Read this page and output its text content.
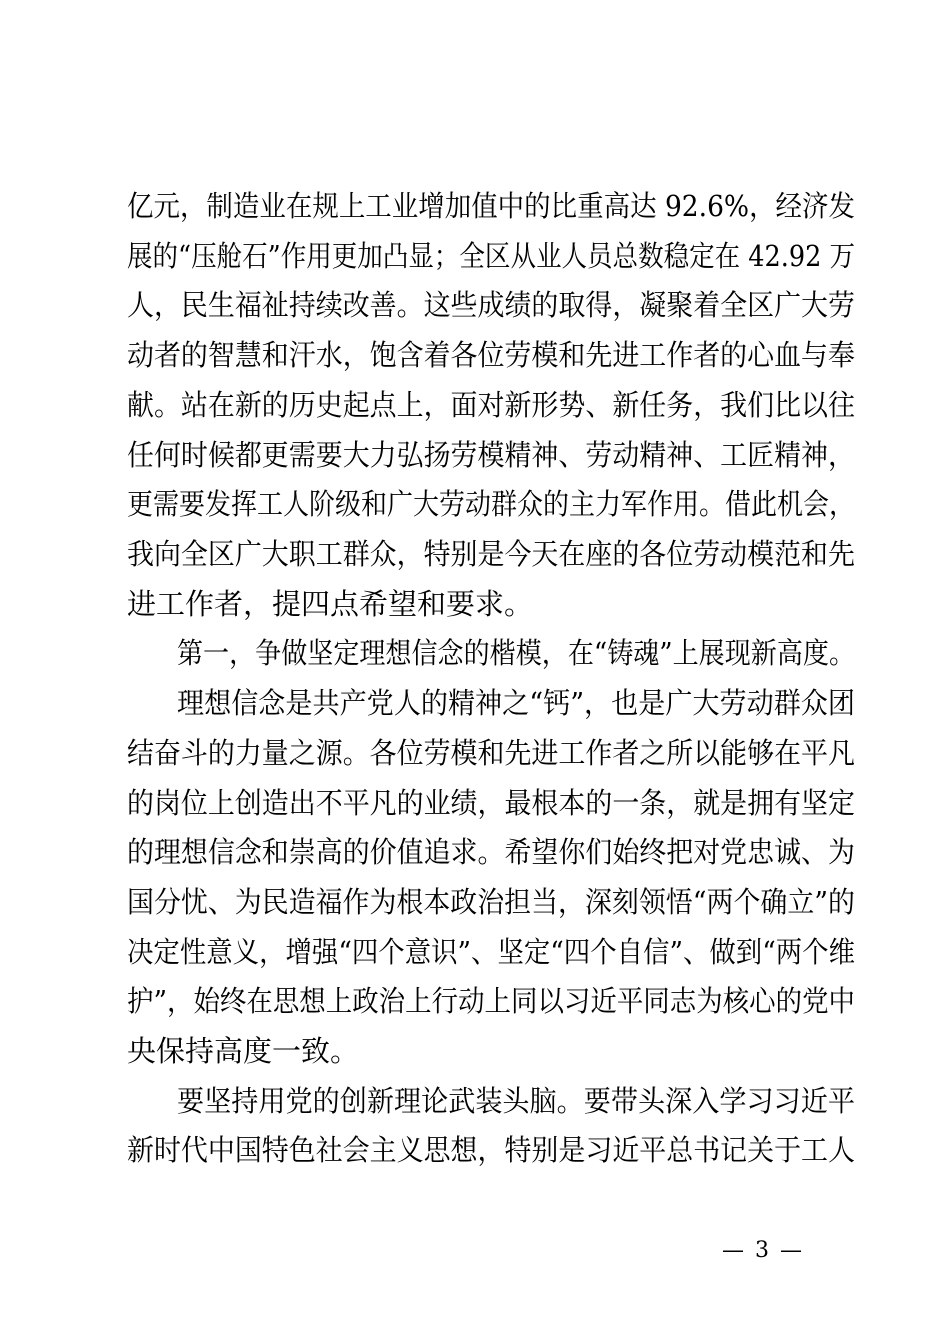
亿元，制造业在规上工业增加值中的比重高达 92.6%，经济发
展的“压舱石”作用更加凸显；全区从业人员总数稳定在 42.92 万
人，民生福祉持续改善。这些成绩的取得，凝聚着全区广大劳
动者的智慧和汗水，饱含着各位劳模和先进工作者的心血与奉
献。站在新的历史起点上，面对新形势、新任务，我们比以往
任何时候都更需要大力弘扬劳模精神、劳动精神、工匠精神，
更需要发挥工人阶级和广大劳动群众的主力军作用。借此机会，
我向全区广大职工群众，特别是今天在座的各位劳动模范和先
进工作者，提四点希望和要求。
第一，争做坚定理想信念的楷模，在“铸魂”上展现新高度。
理想信念是共产党人的精神之“钙”，也是广大劳动群众团
结奋斗的力量之源。各位劳模和先进工作者之所以能够在平凡
的岗位上创造出不平凡的业绩，最根本的一条，就是拥有坚定
的理想信念和崇高的价值追求。希望你们始终把对党忠诚、为
国分忧、为民造福作为根本政治担当，深刻领悟“两个确立”的
决定性意义，增强“四个意识”、坚定“四个自信”、做到“两个维
护”，始终在思想上政治上行动上同以习近平同志为核心的党中
央保持高度一致。
要坚持用党的创新理论武装头脑。要带头深入学习习近平
新时代中国特色社会主义思想，特别是习近平总书记关于工人
— 3 —
